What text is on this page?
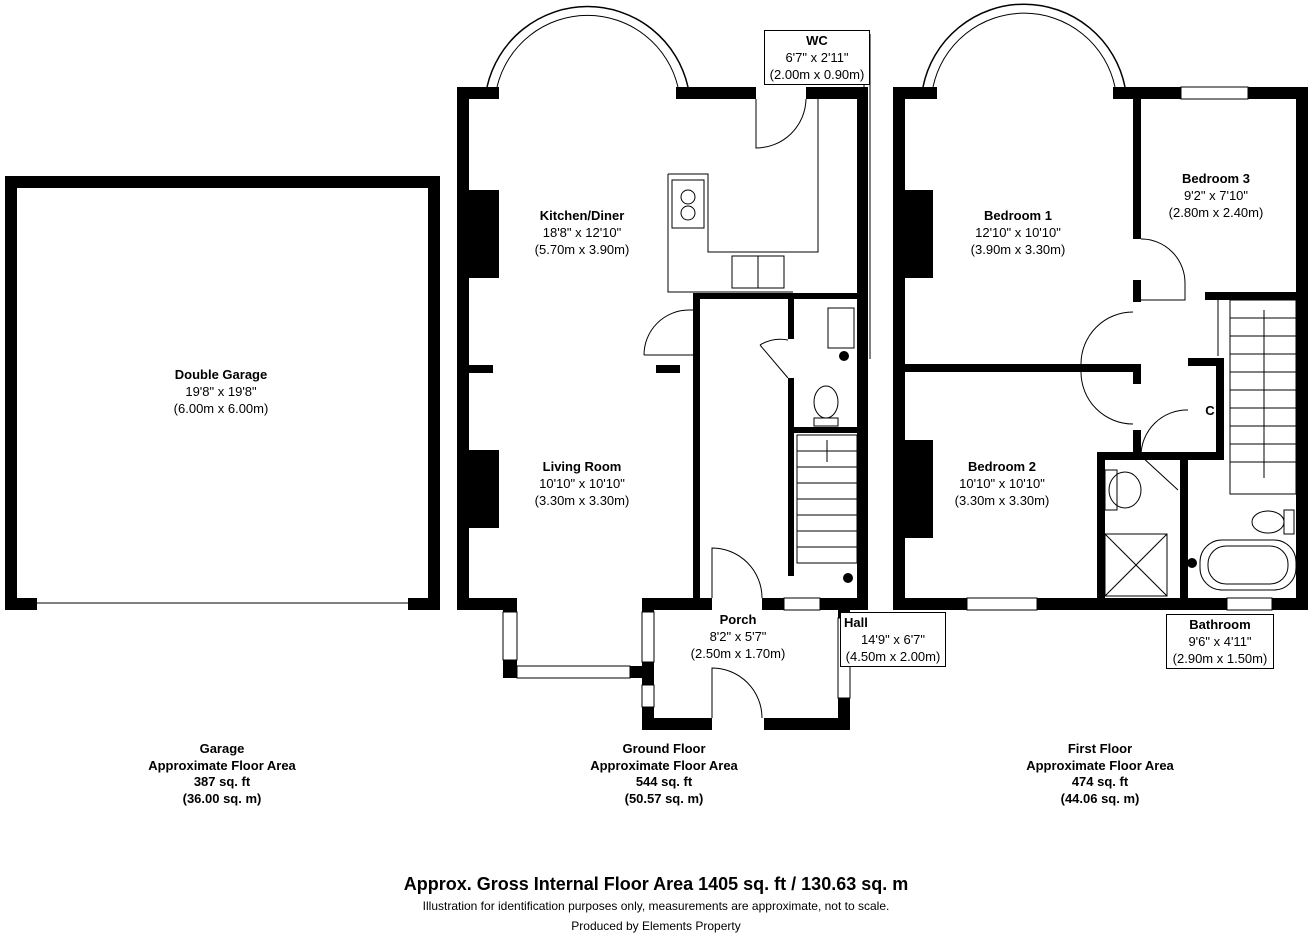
Double Garage
19'8" x 19'8"
(6.00m x 6.00m)
Kitchen/Diner
18'8" x 12'10"
(5.70m x 3.90m)
WC
6'7" x 2'11"
(2.00m x 0.90m)
Living Room
10'10" x 10'10"
(3.30m x 3.30m)
Porch
8'2" x 5'7"
(2.50m x 1.70m)
Hall
14'9" x 6'7"
(4.50m x 2.00m)
Bedroom 1
12'10" x 10'10"
(3.90m x 3.30m)
Bedroom 2
10'10" x 10'10"
(3.30m x 3.30m)
Bedroom 3
9'2" x 7'10"
(2.80m x 2.40m)
Bathroom
9'6" x 4'11"
(2.90m x 1.50m)
C
Garage
Approximate Floor Area
387 sq. ft
(36.00 sq. m)
Ground Floor
Approximate Floor Area
544 sq. ft
(50.57 sq. m)
First Floor
Approximate Floor Area
474 sq. ft
(44.06 sq. m)
Approx. Gross Internal Floor Area 1405 sq. ft / 130.63 sq. m
Illustration for identification purposes only, measurements are approximate, not to scale.
Produced by Elements Property
